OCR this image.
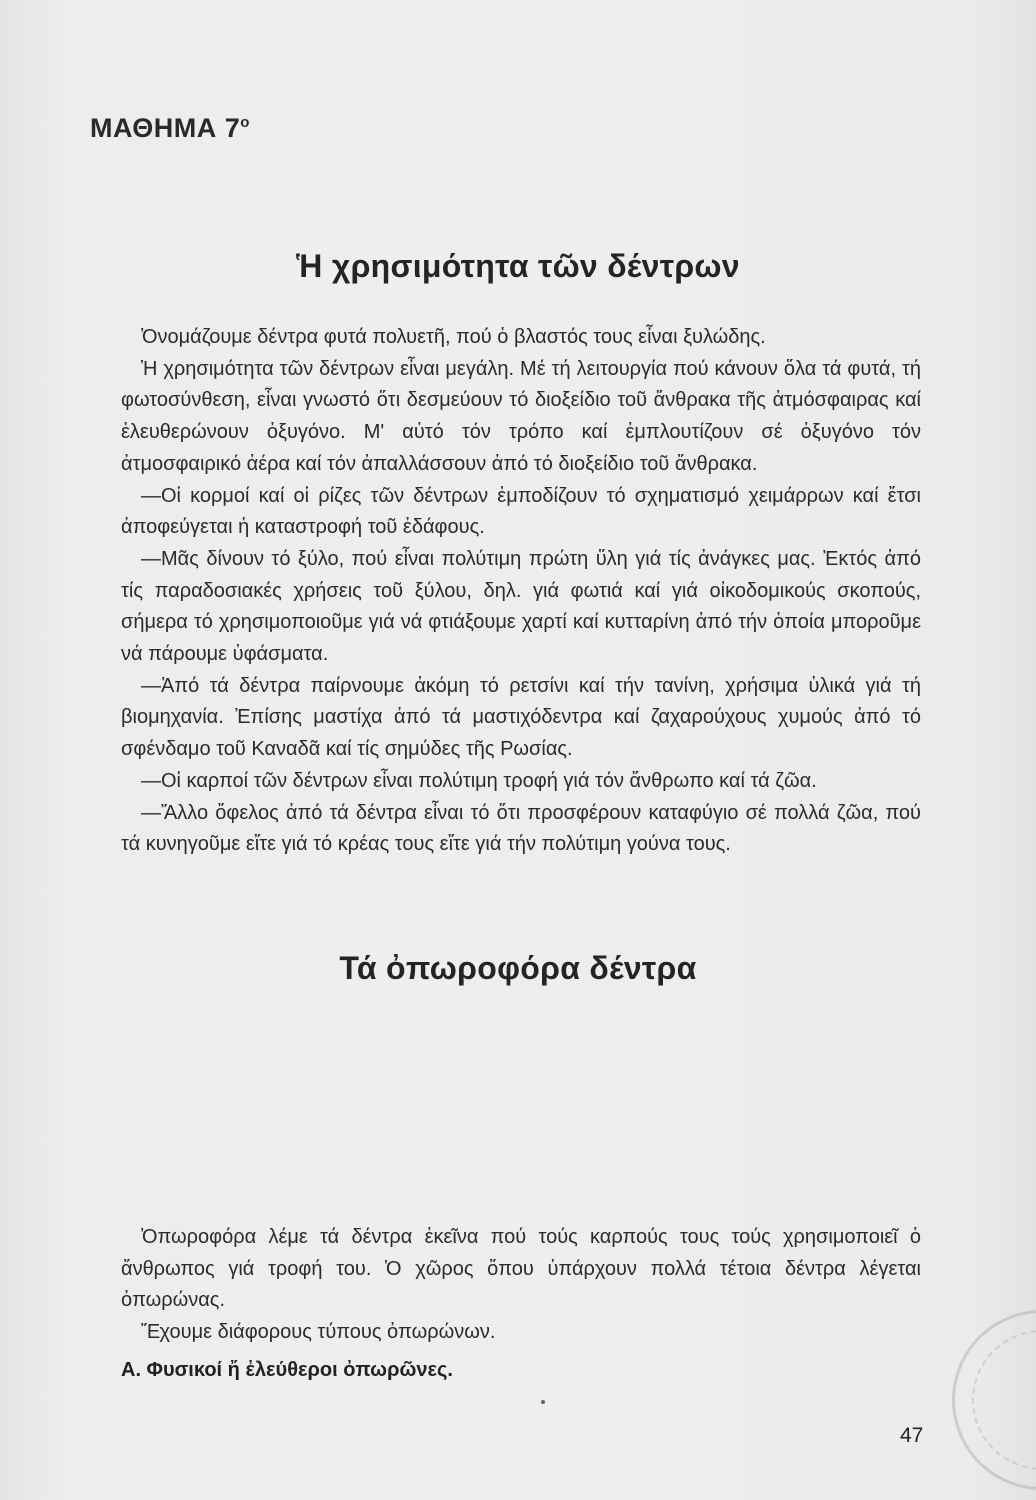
ΜΑΘΗΜΑ $7^o$
Ἡ χρησιμότητα τῶν δέντρων

Ὀνομάζουμε δέντρα φυτά πολυετῆ, πού ὁ βλαστός τους εἶναι ξυλώδης.

Ἡ χρησιμότητα τῶν δέντρων εἶναι μεγάλη. Μέ τή λειτουργία πού κάνουν ὅλα τά φυτά, τή φωτοσύνθεση, εἶναι γνωστό ὅτι δεσμεύουν τό διοξείδιο τοῦ ἄνθρακα τῆς ἀτμόσφαιρας καί ἐλευθερώνουν ὀξυγόνο. Μ' αὐτό τόν τρόπο καί ἐμπλουτίζουν σέ ὀξυγόνο τόν ἀτμοσφαιρικό ἀέρα καί τόν ἀπαλλάσσουν ἀπό τό διοξείδιο τοῦ ἄνθρακα.

—Οἱ κορμοί καί οἱ ρίζες τῶν δέντρων ἐμποδίζουν τό σχηματισμό χειμάρρων καί ἔτσι ἀποφεύγεται ἡ καταστροφή τοῦ ἐδάφους.

—Μᾶς δίνουν τό ξύλο, πού εἶναι πολύτιμη πρώτη ὕλη γιά τίς ἀνάγκες μας. Ἐκτός ἀπό τίς παραδοσιακές χρήσεις τοῦ ξύλου, δηλ. γιά φωτιά καί γιά οἰκοδομικούς σκοπούς, σήμερα τό χρησιμοποιοῦμε γιά νά φτιάξουμε χαρτί καί κυτταρίνη ἀπό τήν ὁποία μποροῦμε νά πάρουμε ὑφάσματα.

—Ἀπό τά δέντρα παίρνουμε ἀκόμη τό ρετσίνι καί τήν τανίνη, χρήσιμα ὑλικά γιά τή βιομηχανία. Ἐπίσης μαστίχα ἀπό τά μαστιχόδεντρα καί ζαχαρούχους χυμούς ἀπό τό σφένδαμο τοῦ Καναδᾶ καί τίς σημύδες τῆς Ρωσίας.

—Οἱ καρποί τῶν δέντρων εἶναι πολύτιμη τροφή γιά τόν ἄνθρωπο καί τά ζῶα.

—Ἄλλο ὄφελος ἀπό τά δέντρα εἶναι τό ὅτι προσφέρουν καταφύγιο σέ πολλά ζῶα, πού τά κυνηγοῦμε εἴτε γιά τό κρέας τους εἴτε γιά τήν πολύτιμη γούνα τους.

Τά ὀπωροφόρα δέντρα

Ὀπωροφόρα λέμε τά δέντρα ἐκεῖνα πού τούς καρπούς τους τούς χρησιμοποιεῖ ὁ ἄνθρωπος γιά τροφή του. Ὁ χῶρος ὅπου ὑπάρχουν πολλά τέτοια δέντρα λέγεται ὀπωρώνας.

Ἔχουμε διάφορους τύπους ὀπωρώνων.

Α. Φυσικοί ἤ ἐλεύθεροι ὀπωρῶνες.
47
